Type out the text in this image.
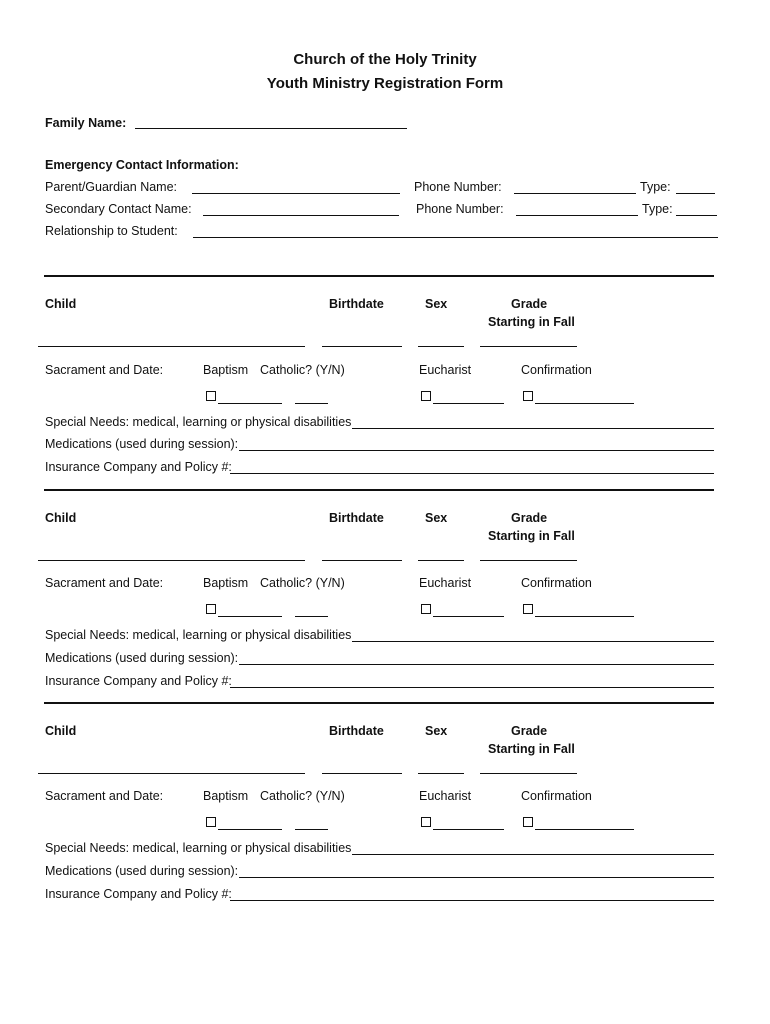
Church of the Holy Trinity
Youth Ministry Registration Form
Family Name:
Emergency Contact Information:
Parent/Guardian Name:	Phone Number:	Type:
Secondary Contact Name:	Phone Number:	Type:
Relationship to Student:
Child	Birthdate	Sex	Grade
Starting in Fall
Sacrament and Date:	Baptism Catholic? (Y/N)	Eucharist	Confirmation
Special Needs: medical, learning or physical disabilities
Medications (used during session):
Insurance Company and Policy #:
Child	Birthdate	Sex	Grade
Starting in Fall
Sacrament and Date:	Baptism Catholic? (Y/N)	Eucharist	Confirmation
Special Needs: medical, learning or physical disabilities
Medications (used during session):
Insurance Company and Policy #:
Child	Birthdate	Sex	Grade
Starting in Fall
Sacrament and Date:	Baptism Catholic? (Y/N)	Eucharist	Confirmation
Special Needs: medical, learning or physical disabilities
Medications (used during session):
Insurance Company and Policy #:
